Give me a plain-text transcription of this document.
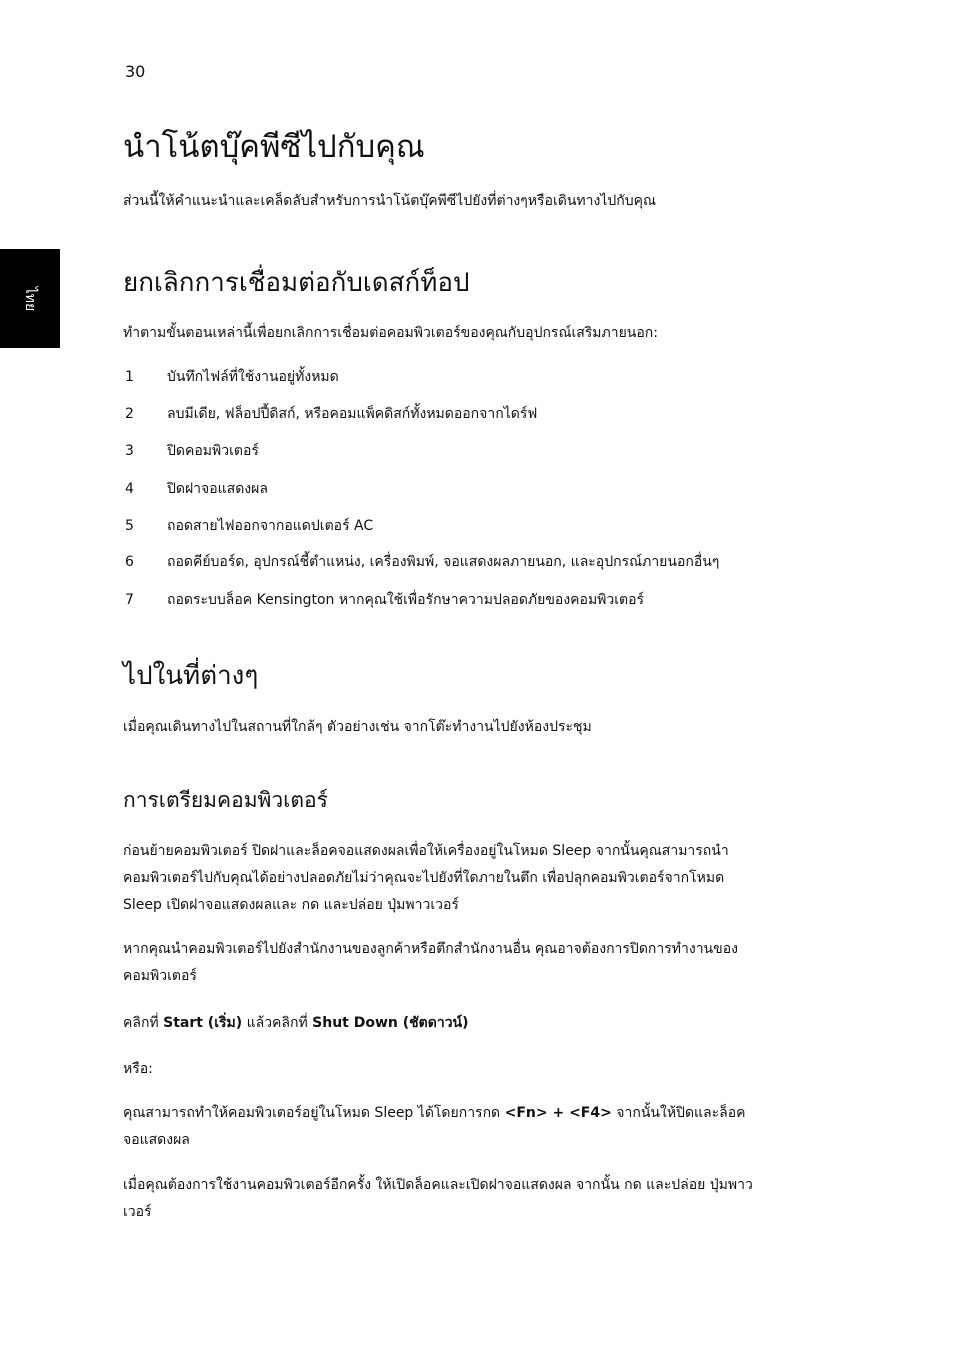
30
ไทย
นำโน้ตบุ๊คพีซีไปกับคุณ

ส่วนนี้ให้คำแนะนำและเคล็ดลับสำหรับการนำโน้ตบุ๊คพีซีไปยังที่ต่างๆหรือเดินทางไปกับคุณ

ยกเลิกการเชื่อมต่อกับเดสก์ท็อป

ทำตามขั้นตอนเหล่านี้เพื่อยกเลิกการเชื่อมต่อคอมพิวเตอร์ของคุณกับอุปกรณ์เสริมภายนอก:

1 บันทึกไฟล์ที่ใช้งานอยู่ทั้งหมด
2 ลบมีเดีย, ฟล็อปปี้ดิสก์, หรือคอมแพ็คดิสก์ทั้งหมดออกจากไดร์ฟ
3 ปิดคอมพิวเตอร์
4 ปิดฝาจอแสดงผล
5 ถอดสายไฟออกจากอแดปเตอร์ AC
6 ถอดคีย์บอร์ด, อุปกรณ์ชี้ตำแหน่ง, เครื่องพิมพ์, จอแสดงผลภายนอก, และอุปกรณ์ภายนอกอื่นๆ
7 ถอดระบบล็อค Kensington หากคุณใช้เพื่อรักษาความปลอดภัยของคอมพิวเตอร์
ไปในที่ต่างๆ

เมื่อคุณเดินทางไปในสถานที่ใกล้ๆ ตัวอย่างเช่น จากโต๊ะทำงานไปยังห้องประชุม

การเตรียมคอมพิวเตอร์

ก่อนย้ายคอมพิวเตอร์ ปิดฝาและล็อคจอแสดงผลเพื่อให้เครื่องอยู่ในโหมด Sleep จากนั้นคุณสามารถนำคอมพิวเตอร์ไปกับคุณได้อย่างปลอดภัยไม่ว่าคุณจะไปยังที่ใดภายในตึก เพื่อปลุกคอมพิวเตอร์จากโหมด Sleep เปิดฝาจอแสดงผลและ กด และปล่อย ปุ่มพาวเวอร์

หากคุณนำคอมพิวเตอร์ไปยังสำนักงานของลูกค้าหรือตึกสำนักงานอื่น คุณอาจต้องการปิดการทำงานของคอมพิวเตอร์

คลิกที่ Start (เริ่ม) แล้วคลิกที่ Shut Down (ชัตดาวน์)

หรือ:

คุณสามารถทำให้คอมพิวเตอร์อยู่ในโหมด Sleep ได้โดยการกด <Fn> + <F4> จากนั้นให้ปิดและล็อคจอแสดงผล

เมื่อคุณต้องการใช้งานคอมพิวเตอร์อีกครั้ง ให้เปิดล็อคและเปิดฝาจอแสดงผล จากนั้น กด และปล่อย ปุ่มพาวเวอร์
